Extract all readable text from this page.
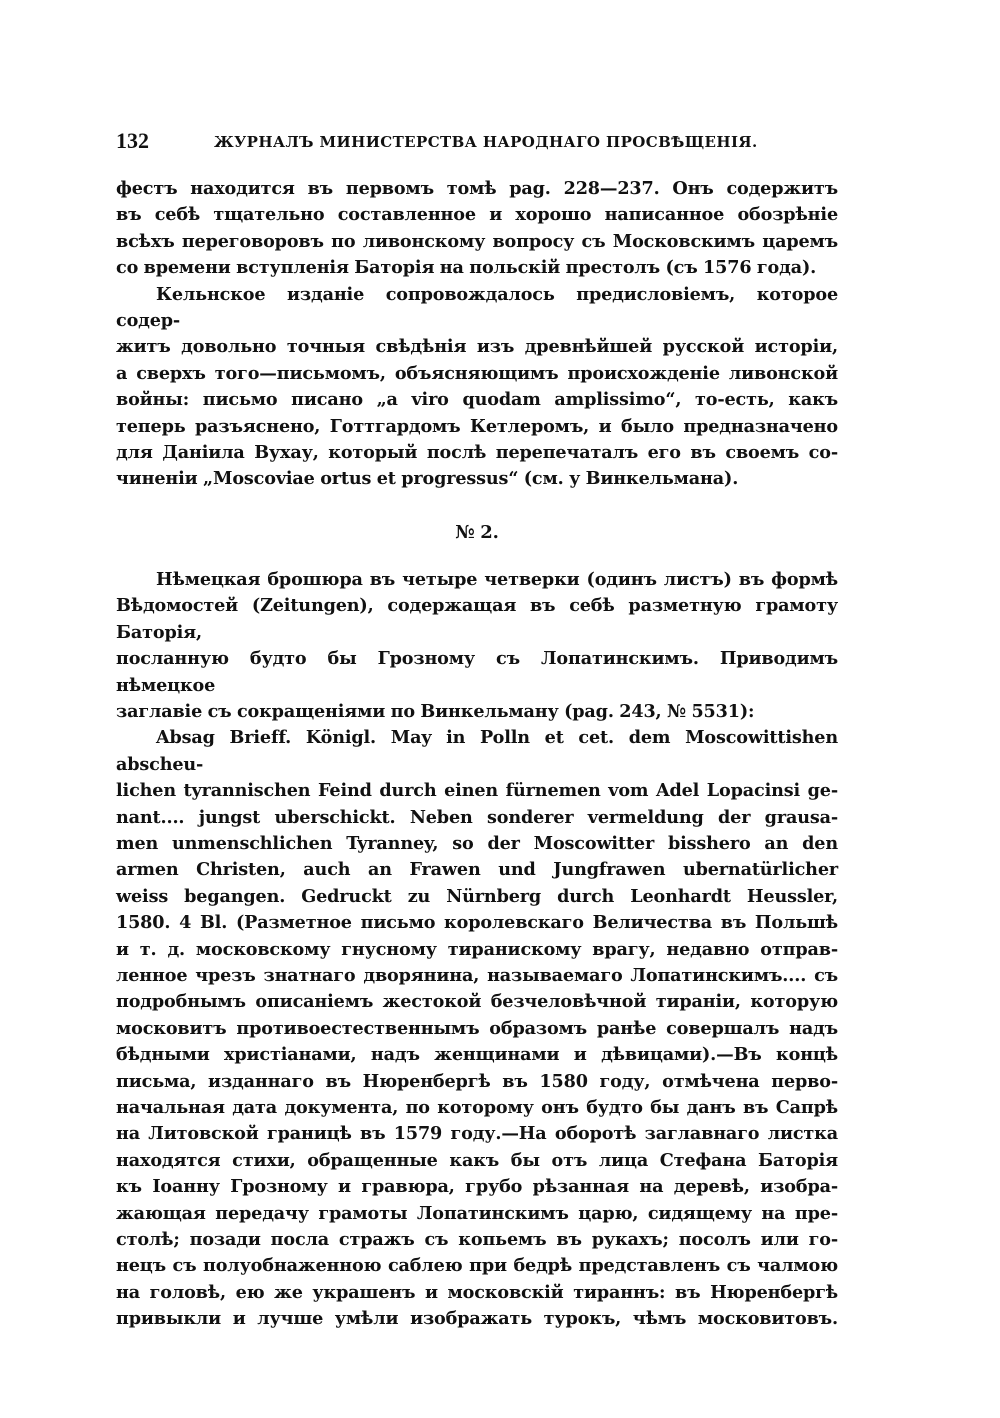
132	ЖУРНАЛЪ МИНИСТЕРСТВА НАРОДНАГО ПРОСВѢЩЕНІЯ.
фестъ находится въ первомъ томѣ pag. 228—237. Онъ содержитъ
въ себѣ тщательно составленное и хорошо написанное обозрѣніе
всѣхъ переговоровъ по ливонскому вопросу съ Московскимъ царемъ
со времени вступленія Баторія на польскій престолъ (съ 1576 года).
Кельнское изданіе сопровождалось предисловіемъ, которое содер-
житъ довольно точныя свѣдѣнія изъ древнѣйшей русской исторіи,
а сверхъ того—письмомъ, объясняющимъ происхожденіе ливонской
войны: письмо писано „a viro quodam amplissimo“, то-есть, какъ
теперь разъяснено, Готтгардомъ Кетлеромъ, и было предназначено
для Даніила Вухау, который послѣ перепечаталъ его въ своемъ со-
чиненіи „Moscoviae ortus et progressus“ (см. у Винкельмана).
№ 2.
Нѣмецкая брошюра въ четыре четверки (одинъ листъ) въ формѣ
Вѣдомостей (Zeitungen), содержащая въ себѣ разметную грамоту Баторія,
посланную будто бы Грозному съ Лопатинскимъ. Приводимъ нѣмецкое
заглавіе съ сокращеніями по Винкельману (pag. 243, № 5531):
Absag Brieff. Königl. May in Polln et cet. dem Moscowittishen abscheu-
lichen tyrannischen Feind durch einen fürnemen vom Adel Lopacinsi ge-
nant.... jungst uberschickt. Neben sonderer vermeldung der grausa-
men unmenschlichen Tyranney, so der Moscowitter bisshero an den
armen Christen, auch an Frawen und Jungfrawen ubernatürlicher
weiss begangen. Gedruckt zu Nürnberg durch Leonhardt Heussler,
1580. 4 Bl. (Разметное письмо королевскаго Величества въ Польшѣ
и т. д. московскому гнусному тиранискому врагу, недавно отправ-
ленное чрезъ знатнаго дворянина, называемаго Лопатинскимъ.... съ
подробнымъ описаніемъ жестокой безчеловѣчной тираніи, которую
московитъ противоестественнымъ образомъ ранѣе совершалъ надъ
бѣдными христіанами, надъ женщинами и дѣвицами).—Въ концѣ
письма, изданнаго въ Нюренбергѣ въ 1580 году, отмѣчена перво-
начальная дата документа, по которому онъ будто бы данъ въ Сапрѣ
на Литовской границѣ въ 1579 году.—На оборотѣ заглавнаго листка
находятся стихи, обращенные какъ бы отъ лица Стефана Баторія
къ Іоанну Грозному и гравюра, грубо рѣзанная на деревѣ, изобра-
жающая передачу грамоты Лопатинскимъ царю, сидящему на пре-
столѣ; позади посла стражъ съ копьемъ въ рукахъ; посолъ или го-
нецъ съ полуобнаженною саблею при бедрѣ представленъ съ чалмою
на головѣ, ею же украшенъ и московскій тираннъ: въ Нюренбергѣ
привыкли и лучше умѣли изображать турокъ, чѣмъ московитовъ.
